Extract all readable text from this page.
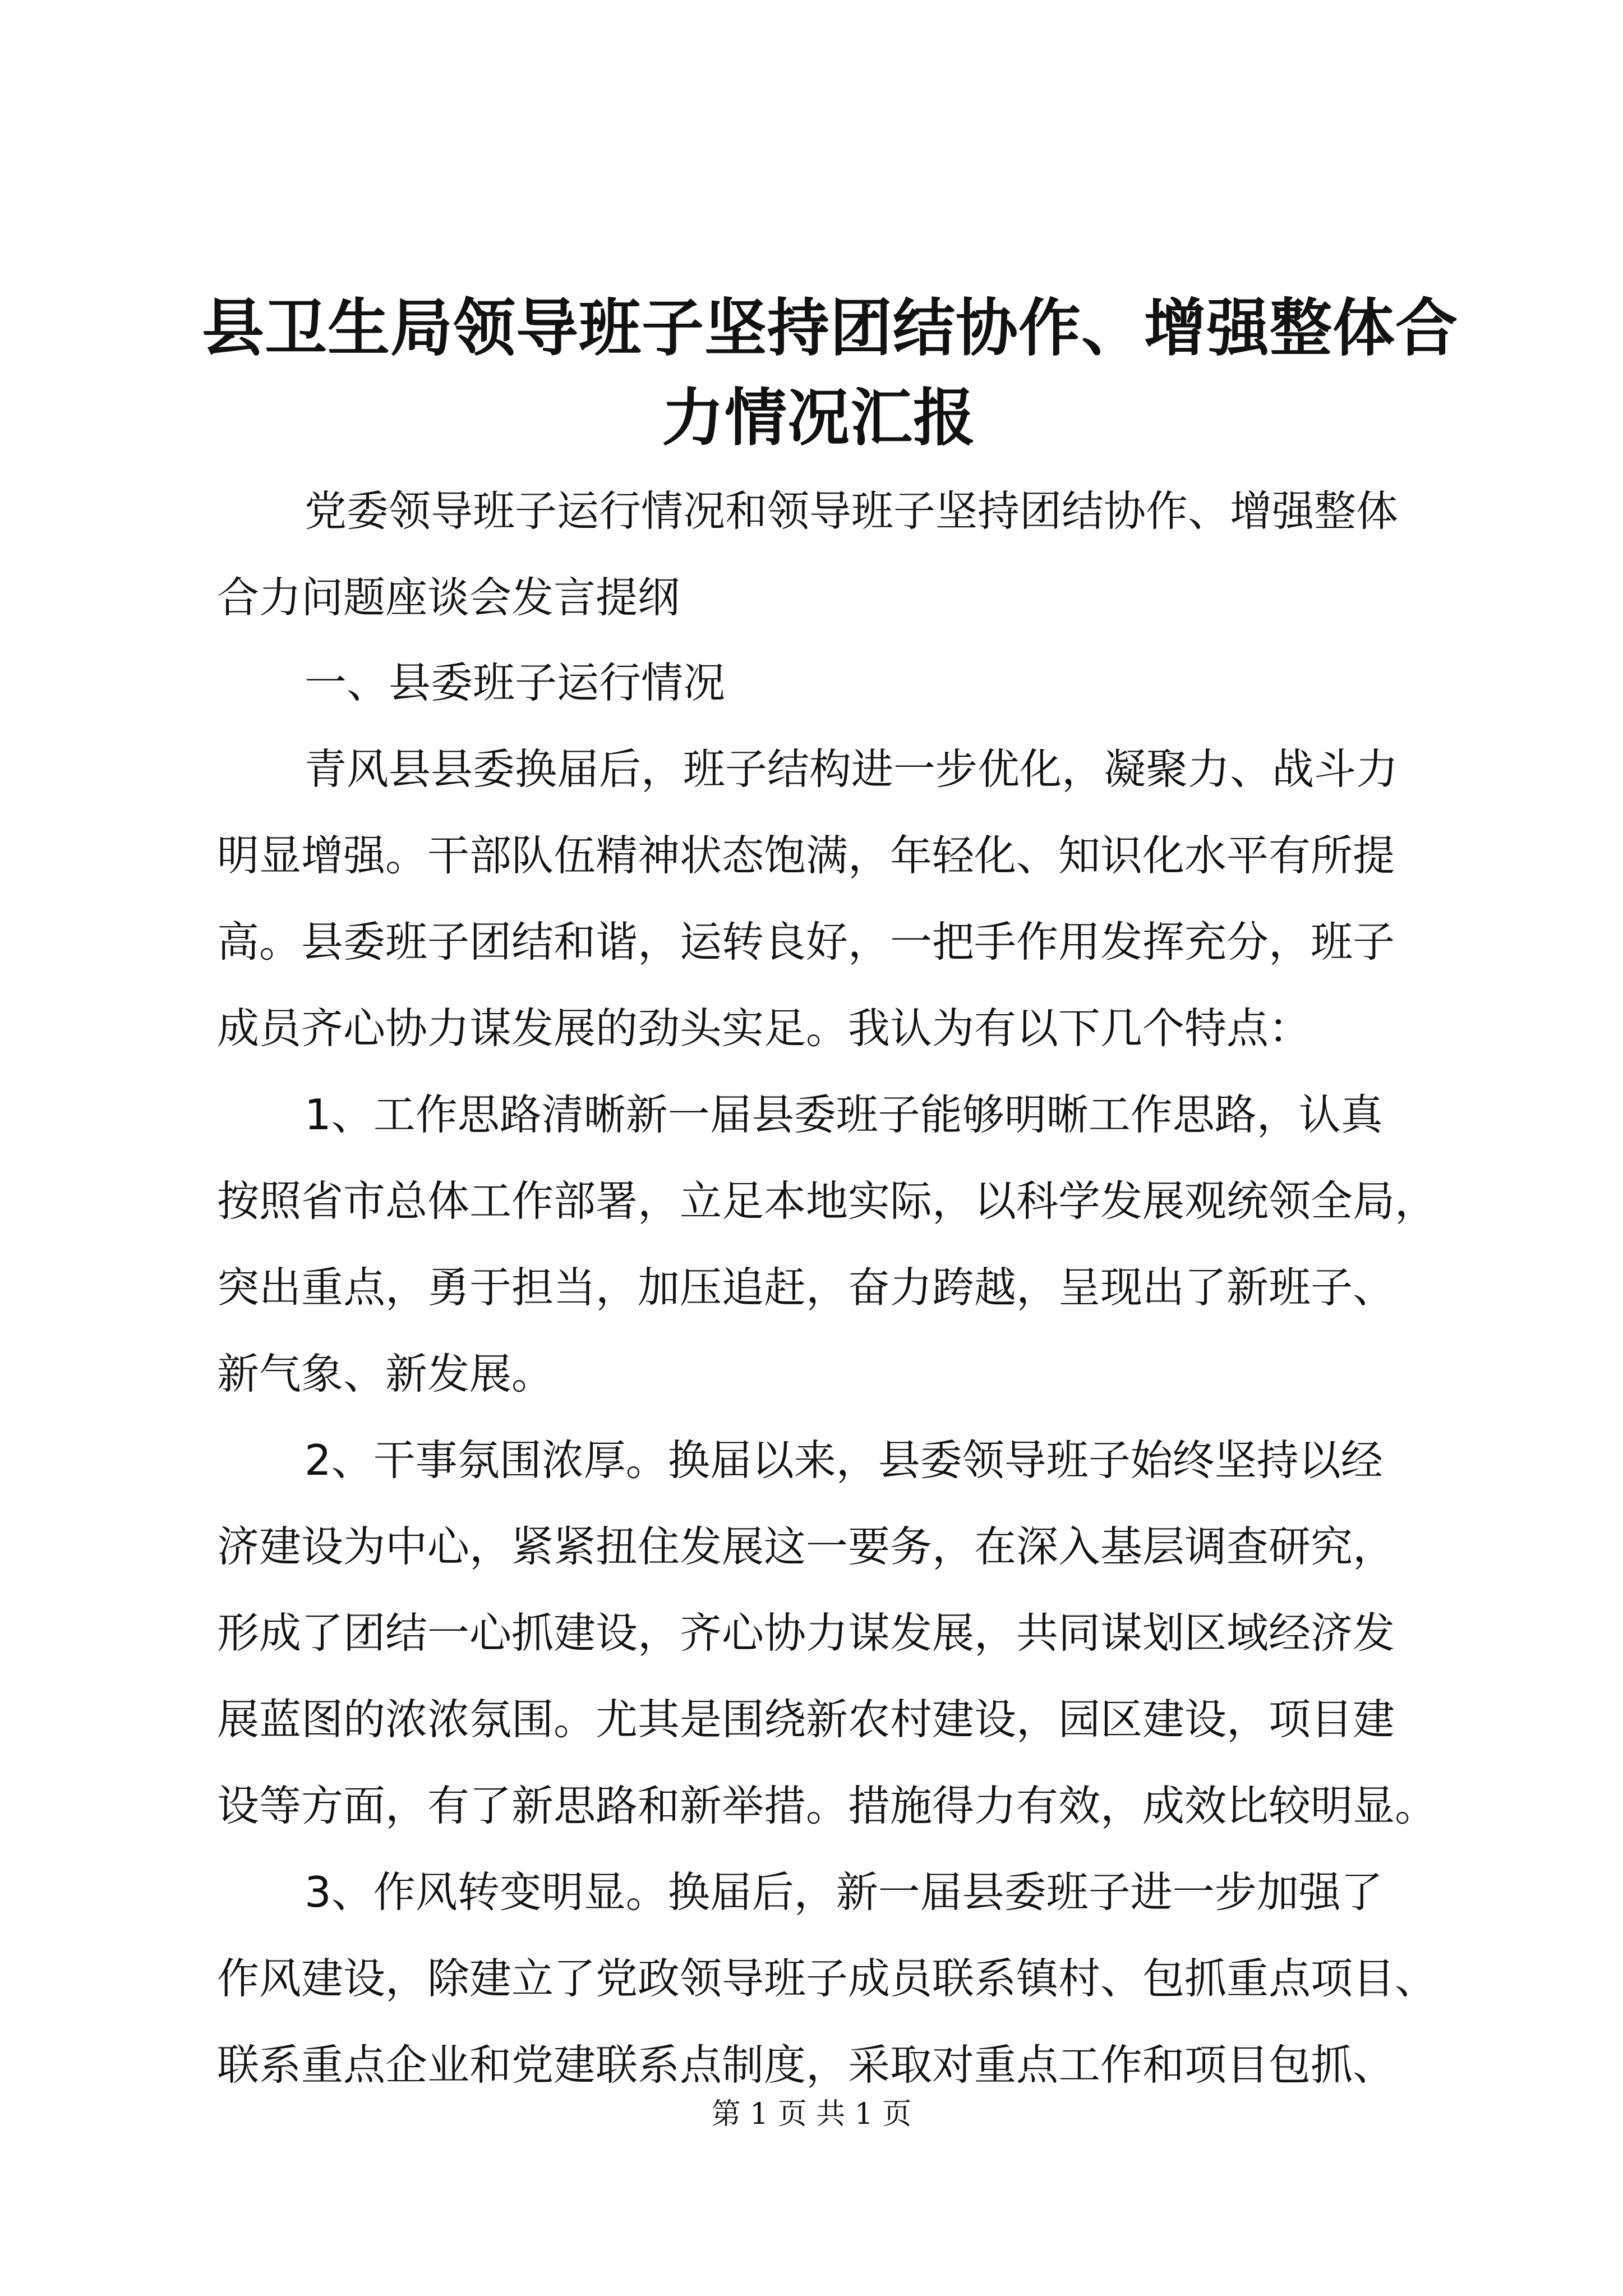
县卫生局领导班子坚持团结协作、增强整体合
力情况汇报
党委领导班子运行情况和领导班子坚持团结协作、增强整体
合力问题座谈会发言提纲
一、县委班子运行情况
青风县县委换届后，班子结构进一步优化，凝聚力、战斗力
明显增强。干部队伍精神状态饱满，年轻化、知识化水平有所提
高。县委班子团结和谐，运转良好，一把手作用发挥充分，班子
成员齐心协力谋发展的劲头实足。我认为有以下几个特点：
1、工作思路清晰新一届县委班子能够明晰工作思路，认真
按照省市总体工作部署，立足本地实际，以科学发展观统领全局，
突出重点，勇于担当，加压追赶，奋力跨越，呈现出了新班子、
新气象、新发展。
2、干事氛围浓厚。换届以来，县委领导班子始终坚持以经
济建设为中心，紧紧扭住发展这一要务，在深入基层调查研究，
形成了团结一心抓建设，齐心协力谋发展，共同谋划区域经济发
展蓝图的浓浓氛围。尤其是围绕新农村建设，园区建设，项目建
设等方面，有了新思路和新举措。措施得力有效，成效比较明显。
3、作风转变明显。换届后，新一届县委班子进一步加强了
作风建设，除建立了党政领导班子成员联系镇村、包抓重点项目、
联系重点企业和党建联系点制度，采取对重点工作和项目包抓、
第 1 页 共 1 页
